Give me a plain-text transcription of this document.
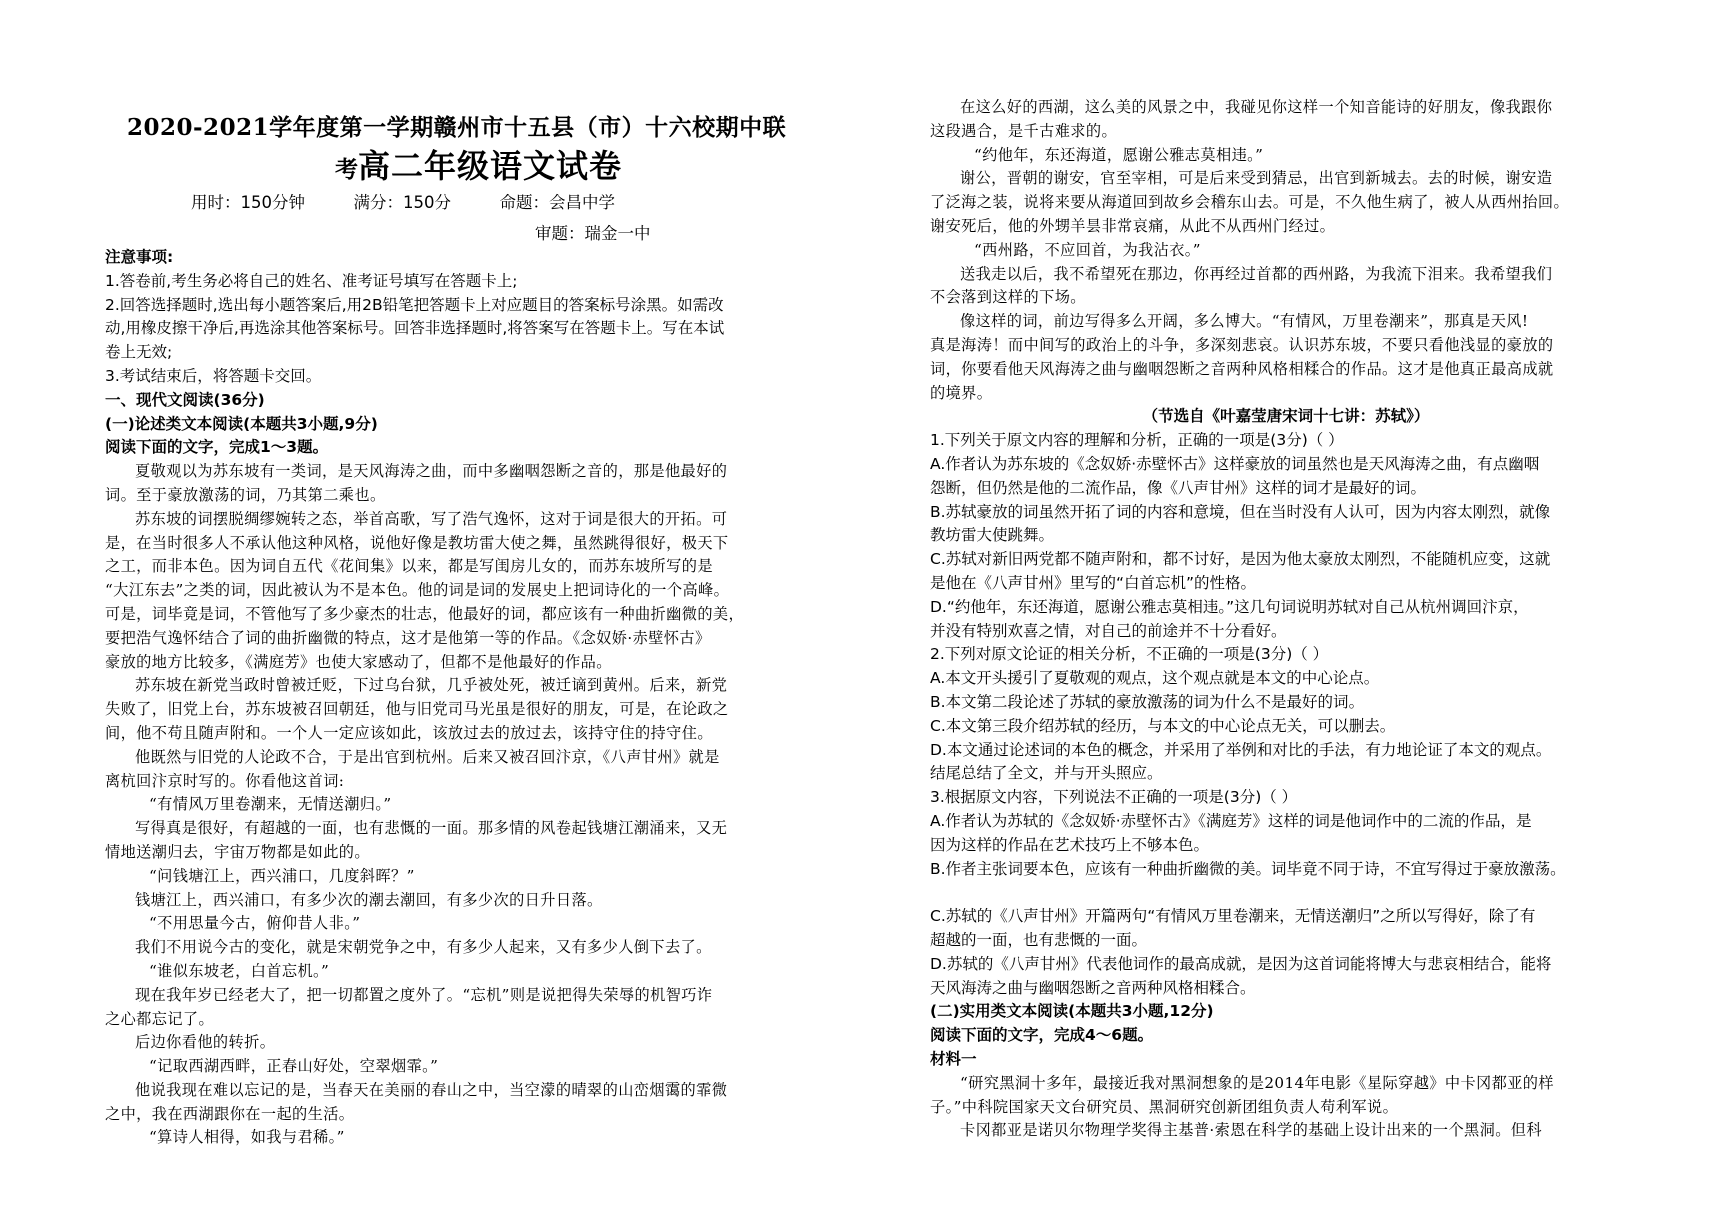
2020-2021学年度第一学期赣州市十五县（市）十六校期中联
考高二年级语文试卷
用时：150分钟	满分：150分	命题：会昌中学
审题：瑞金一中
注意事项:
1.答卷前,考生务必将自己的姓名、准考证号填写在答题卡上;
2.回答选择题时,选出每小题答案后,用2B铅笔把答题卡上对应题目的答案标号涂黑。如需改
动,用橡皮擦干净后,再选涂其他答案标号。回答非选择题时,将答案写在答题卡上。写在本试
卷上无效;
3.考试结束后，将答题卡交回。
一、现代文阅读(36分)
(一)论述类文本阅读(本题共3小题,9分)
阅读下面的文字，完成1～3题。
夏敬观以为苏东坡有一类词，是天风海涛之曲，而中多幽咽怨断之音的，那是他最好的
词。至于豪放激荡的词，乃其第二乘也。
苏东坡的词摆脱绸缪婉转之态，举首高歌，写了浩气逸怀，这对于词是很大的开拓。可
是，在当时很多人不承认他这种风格，说他好像是教坊雷大使之舞，虽然跳得很好，极天下
之工，而非本色。因为词自五代《花间集》以来，都是写闺房儿女的，而苏东坡所写的是
“大江东去”之类的词，因此被认为不是本色。他的词是词的发展史上把词诗化的一个高峰。
可是，词毕竟是词，不管他写了多少豪杰的壮志，他最好的词，都应该有一种曲折幽微的美，
要把浩气逸怀结合了词的曲折幽微的特点，这才是他第一等的作品。《念奴娇·赤壁怀古》
豪放的地方比较多，《满庭芳》也使大家感动了，但都不是他最好的作品。
苏东坡在新党当政时曾被迁贬，下过乌台狱，几乎被处死，被迁谪到黄州。后来，新党
失败了，旧党上台，苏东坡被召回朝廷，他与旧党司马光虽是很好的朋友，可是，在论政之
间，他不苟且随声附和。一个人一定应该如此，该放过去的放过去，该持守住的持守住。
他既然与旧党的人论政不合，于是出官到杭州。后来又被召回汴京，《八声甘州》就是
离杭回汴京时写的。你看他这首词:
“有情风万里卷潮来，无情送潮归。”
写得真是很好，有超越的一面，也有悲慨的一面。那多情的风卷起钱塘江潮涌来，又无
情地送潮归去，宇宙万物都是如此的。
“问钱塘江上，西兴浦口，几度斜晖？”
钱塘江上，西兴浦口，有多少次的潮去潮回，有多少次的日升日落。
“不用思量今古，俯仰昔人非。”
我们不用说今古的变化，就是宋朝党争之中，有多少人起来，又有多少人倒下去了。
“谁似东坡老，白首忘机。”
现在我年岁已经老大了，把一切都置之度外了。“忘机”则是说把得失荣辱的机智巧诈
之心都忘记了。
后边你看他的转折。
“记取西湖西畔，正春山好处，空翠烟霏。”
他说我现在难以忘记的是，当春天在美丽的春山之中，当空濛的晴翠的山峦烟霭的霏微
之中，我在西湖跟你在一起的生活。
“算诗人相得，如我与君稀。”
在这么好的西湖，这么美的风景之中，我碰见你这样一个知音能诗的好朋友，像我跟你
这段遇合，是千古难求的。
“约他年，东还海道，愿谢公雅志莫相违。”
谢公，晋朝的谢安，官至宰相，可是后来受到猜忌，出官到新城去。去的时候，谢安造
了泛海之装，说将来要从海道回到故乡会稽东山去。可是，不久他生病了，被人从西州抬回。
谢安死后，他的外甥羊昙非常哀痛，从此不从西州门经过。
“西州路，不应回首，为我沾衣。”
送我走以后，我不希望死在那边，你再经过首都的西州路，为我流下泪来。我希望我们
不会落到这样的下场。
像这样的词，前边写得多么开阔，多么博大。“有情风，万里卷潮来”，那真是天风!
真是海涛！而中间写的政治上的斗争，多深刻悲哀。认识苏东坡，不要只看他浅显的豪放的
词，你要看他天风海涛之曲与幽咽怨断之音两种风格相糅合的作品。这才是他真正最高成就
的境界。
（节选自《叶嘉莹唐宋词十七讲：苏轼》）
1.下列关于原文内容的理解和分析，正确的一项是(3分)（ ）
A.作者认为苏东坡的《念奴娇·赤壁怀古》这样豪放的词虽然也是天风海涛之曲，有点幽咽
怨断，但仍然是他的二流作品，像《八声甘州》这样的词才是最好的词。
B.苏轼豪放的词虽然开拓了词的内容和意境，但在当时没有人认可，因为内容太刚烈，就像
教坊雷大使跳舞。
C.苏轼对新旧两党都不随声附和，都不讨好，是因为他太豪放太刚烈，不能随机应变，这就
是他在《八声甘州》里写的“白首忘机”的性格。
D.“约他年，东还海道，愿谢公雅志莫相违。”这几句词说明苏轼对自己从杭州调回汴京，
并没有特别欢喜之情，对自己的前途并不十分看好。
2.下列对原文论证的相关分析，不正确的一项是(3分)（ ）
A.本文开头援引了夏敬观的观点，这个观点就是本文的中心论点。
B.本文第二段论述了苏轼的豪放激荡的词为什么不是最好的词。
C.本文第三段介绍苏轼的经历，与本文的中心论点无关，可以删去。
D.本文通过论述词的本色的概念，并采用了举例和对比的手法，有力地论证了本文的观点。
结尾总结了全文，并与开头照应。
3.根据原文内容，下列说法不正确的一项是(3分)（ ）
A.作者认为苏轼的《念奴娇·赤壁怀古》《满庭芳》这样的词是他词作中的二流的作品，是
因为这样的作品在艺术技巧上不够本色。
B.作者主张词要本色，应该有一种曲折幽微的美。词毕竟不同于诗，不宜写得过于豪放激荡。
C.苏轼的《八声甘州》开篇两句“有情风万里卷潮来，无情送潮归”之所以写得好，除了有
超越的一面，也有悲慨的一面。
D.苏轼的《八声甘州》代表他词作的最高成就，是因为这首词能将博大与悲哀相结合，能将
天风海涛之曲与幽咽怨断之音两种风格相糅合。
(二)实用类文本阅读(本题共3小题,12分)
阅读下面的文字，完成4～6题。
材料一
“研究黑洞十多年，最接近我对黑洞想象的是2014年电影《星际穿越》中卡冈都亚的样
子。”中科院国家天文台研究员、黑洞研究创新团组负责人苟利军说。
卡冈都亚是诺贝尔物理学奖得主基普·索恩在科学的基础上设计出来的一个黑洞。但科
